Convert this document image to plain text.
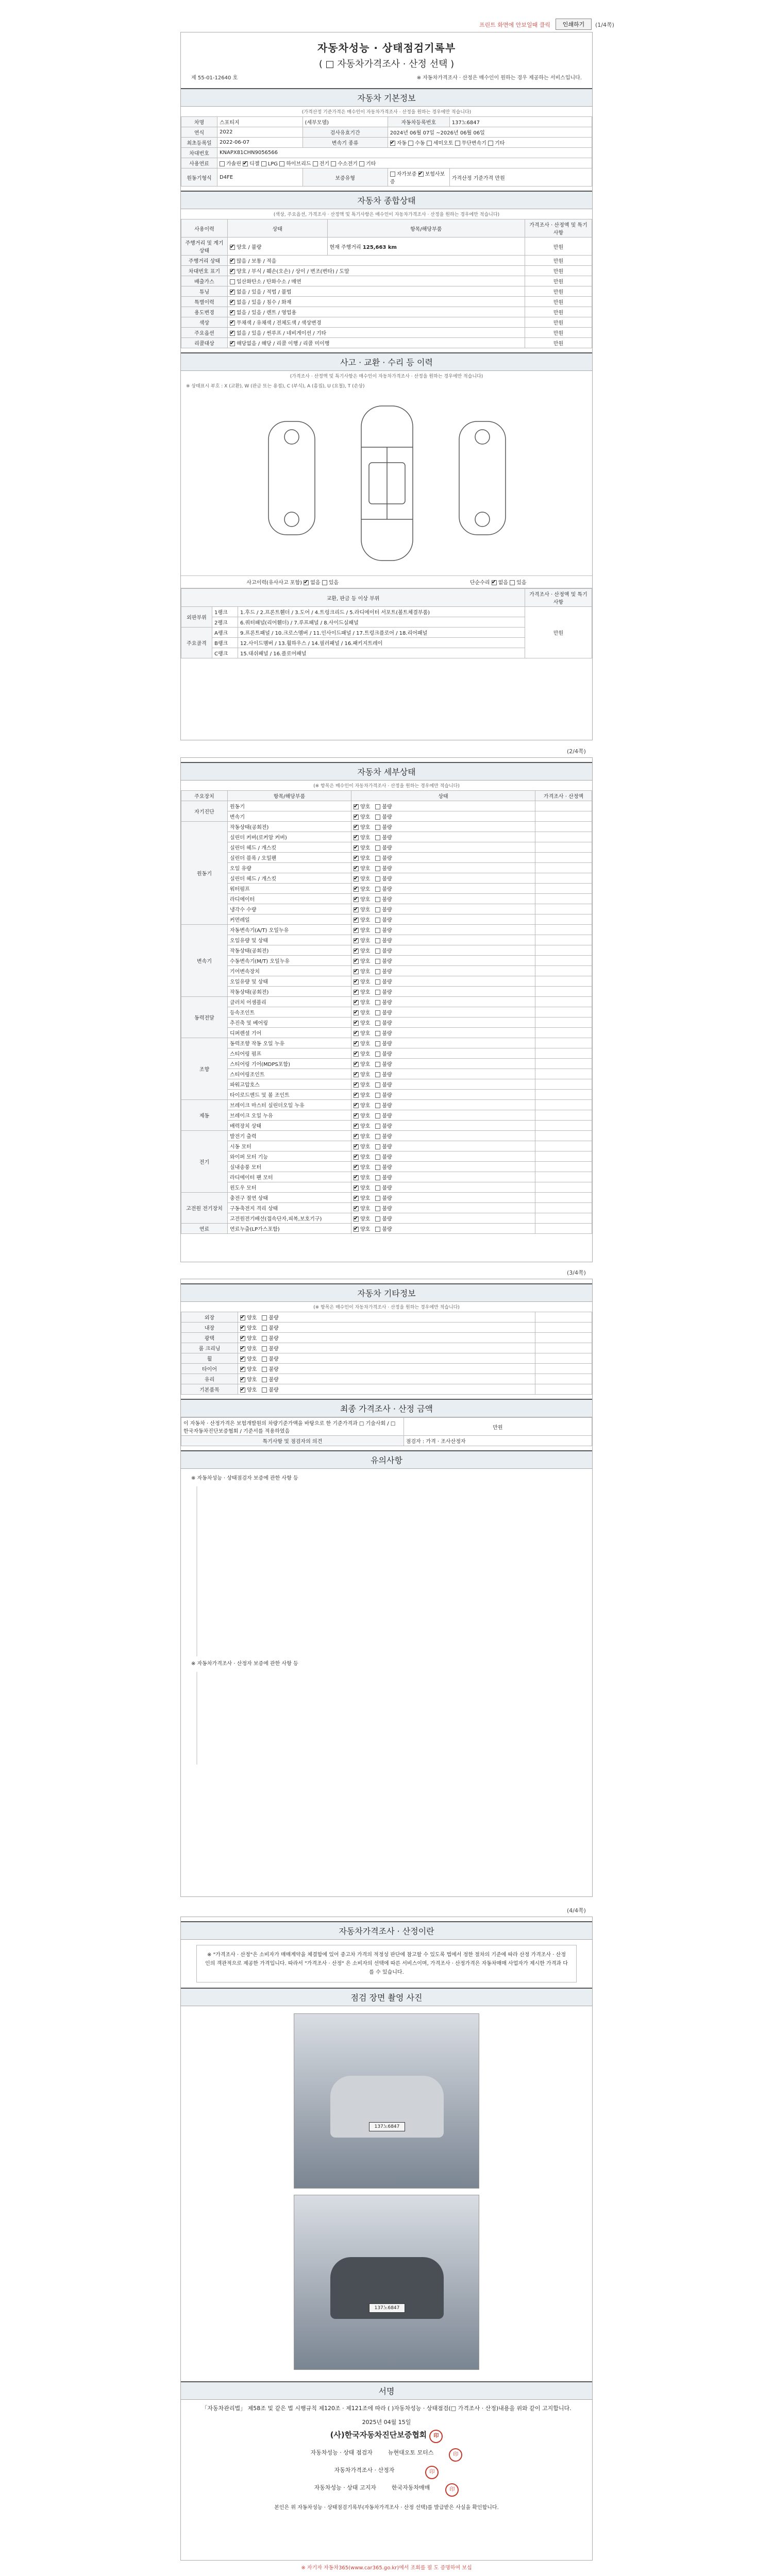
프린트 화면에 안보일때 클릭	인쇄하기	(1/4쪽)
자동차성능 · 상태점검기록부
( □ 자동차가격조사 · 산정 선택 )
제 55-01-12640 호	※ 자동차가격조사 · 산정은 매수인이 원하는 경우 제공하는 서비스입니다.
자동차 기본정보
(가격산정 기준가격은 매수인이 자동차가격조사 · 산정을 원하는 경우에만 적습니다)
차명	스포티지	(세부모델)	자동차등록번호	137노6847
연식	2022	검사유효기간	2024년 06월 07일 ~2026년 06월 06일	
최초등록일	2022-06-07	변속기 종류	✔자동 수동 세미오토 무단변속기 기타
차대번호	KNAPX81CHN9056566			
사용연료	가솔린 ✔ 디젤 LPG 하이브리드 전기 수소전기 기타
원동기형식	D4FE	보증유형	자가보증 ✔ 보험사보증	가격산정 기준가격 만원
자동차 종합상태
(색상, 주요옵션, 가격조사 · 산정액 및 특기사항은 매수인이 자동차가격조사 · 산정을 원하는 경우에만 적습니다)
사용이력	상태	항목/해당부품	가격조사 · 산정액 및 특기사항
주행거리 및 계기상태	✔양호 / 불량	현재 주행거리 125,663 km	만원
주행거리 상태	✔많음 / 보통 / 적음		만원
차대번호 표기	✔양호 / 부식 / 훼손(오손) / 상이 / 변조(변타) / 도말		만원
배출가스	일산화탄소 / 탄화수소 / 매연		만원
튜닝	✔없음 / 있음 / 적법 / 불법		만원
특별이력	✔없음 / 있음 / 침수 / 화재		만원
용도변경	✔없음 / 있음 / 렌트 / 영업용		만원
색상	✔무채색 / 유채색 / 전체도색 / 색상변경		만원
주요옵션	✔없음 / 있음 / 썬루프 / 네비게이션 / 기타		만원
리콜대상	✔해당없음 / 해당 / 리콜 이행 / 리콜 미이행		만원
사고 · 교환 · 수리 등 이력
(가격조사 · 산정액 및 특기사항은 매수인이 자동차가격조사 · 산정을 원하는 경우에만 적습니다)
※ 상태표시 부호 : X (교환), W (판금 또는 용접), C (부식), A (흠집), U (요철), T (손상)
사고이력(유사사고 포함) ✔ 없음 있음	단순수리 ✔ 없음 있음
교환, 판금 등 이상 부위			가격조사 · 산정액 및 특기사항
외판부위	1랭크	1.후드 / 2.프론트휀더 / 3.도어 / 4.트렁크리드 / 5.라디에이터 서포트(볼트체결부품)	만원
	2랭크	6.쿼터패널(리어휀더) / 7.루프패널 / 8.사이드실패널	
주요골격	A랭크	9.프론트패널 / 10.크로스멤버 / 11.인사이드패널 / 17.트렁크플로어 / 18.리어패널	
	B랭크	12.사이드멤버 / 13.휠하우스 / 14.필러패널 / 16.패키지트레이	
	C랭크	15.대쉬패널 / 16.플로어패널	
(2/4쪽)
자동차 세부상태
(※ 항목은 매수인이 자동차가격조사 · 산정을 원하는 경우에만 적습니다)
주요장치	항목/해당부품	상태	가격조사 · 산정액
자기진단	원동기	✔양호 불량	
	변속기	✔양호 불량	
원동기	작동상태(공회전)	✔양호 불량	
	실린더 커버(로커암 커버)	✔양호 불량	
	실린더 헤드 / 개스킷	✔양호 불량	
	실린더 블록 / 오일팬	✔양호 불량	
	오일 유량	✔양호 불량	
	실린더 헤드 / 개스킷	✔양호 불량	
	워터펌프	✔양호 불량	
	라디에이터	✔양호 불량	
	냉각수 수량	✔양호 불량	
	커먼레일	✔양호 불량	
변속기	자동변속기(A/T) 오일누유	✔양호 불량	
	오일유량 및 상태	✔양호 불량	
	작동상태(공회전)	✔양호 불량	
	수동변속기(M/T) 오일누유	✔양호 불량	
	기어변속장치	✔양호 불량	
	오일유량 및 상태	✔양호 불량	
	작동상태(공회전)	✔양호 불량	
동력전달	클러치 어셈블리	✔양호 불량	
	등속조인트	✔양호 불량	
	추진축 및 베어링	✔양호 불량	
	디퍼렌셜 기어	✔양호 불량	
조향	동력조향 작동 오일 누유	✔양호 불량	
	스티어링 펌프	✔양호 불량	
	스티어링 기어(MDPS포함)	✔양호 불량	
	스티어링조인트	✔양호 불량	
	파워고압호스	✔양호 불량	
	타이로드엔드 및 볼 조인트	✔양호 불량	
제동	브레이크 마스터 실린더오일 누유	✔양호 불량	
	브레이크 오일 누유	✔양호 불량	
	배력장치 상태	✔양호 불량	
전기	발전기 출력	✔양호 불량	
	시동 모터	✔양호 불량	
	와이퍼 모터 기능	✔양호 불량	
	실내송풍 모터	✔양호 불량	
	라디에이터 팬 모터	✔양호 불량	
	윈도우 모터	✔양호 불량	
고전원 전기장치	충전구 절연 상태	✔양호 불량	
	구동축전지 격리 상태	✔양호 불량	
	고전원전기배선(접속단자,피복,보호기구)	✔양호 불량	
연료	연료누출(LP가스포함)	✔양호 불량	
(3/4쪽)
자동차 기타정보
(※ 항목은 매수인이 자동차가격조사 · 산정을 원하는 경우에만 적습니다)
외장	✔양호 불량	
내장	✔양호 불량	
광택	✔양호 불량	
룸 크리닝	✔양호 불량	
휠	✔양호 불량	
타이어	✔양호 불량	
유리	✔양호 불량	
기본품목	✔양호 불량	
최종 가격조사 · 산정 금액
이 자동차 · 산정가격은 보험개발원의 차량기준가액을 바탕으로 한 기준가격과 □ 기술사회 / □ 한국자동차진단보증협회 / 기준서를 적용하였음	만원
특기사항 및 점검자의 의견	점검자 : 가격 · 조사산정자
유의사항
※ 자동차성능 · 상태점검자 보증에 관한 사항 등
※ 자동차가격조사 · 산정자 보증에 관한 사항 등
(4/4쪽)
자동차가격조사 · 산정이란
※ "가격조사 · 산정"은 소비자가 매매계약을 체결함에 있어 중고차 가격의 적정성 판단에 참고할 수 있도록 법에서 정한 절차의 기준에 따라 산정 가격조사 · 산정인의 객관적으로 제공한 가격입니다. 따라서 "가격조사 · 산정" 은 소비자의 선택에 따른 서비스이며, 가격조사 · 산정가격은 자동차매매 사업자가 제시한 가격과 다를 수 있습니다.
점검 장면 촬영 사진
137노6847
137노6847
서명
「자동차관리법」 제58조 및 같은 법 시행규칙 제120조 · 제121조에 따라 ( )자동차성능 · 상태점검(□ 가격조사 · 산정)내용을 위와 같이 고지합니다.
2025년 04월 15일
(사)한국자동차진단보증협회 印
자동차성능 · 상태 점검자	뉴현대오토 모터스	印
자동차가격조사 · 산정자	印
자동차성능 · 상태 고지자	한국자동차매매	印
본인은 위 자동차성능 · 상태점검기록부(자동차가격조사 · 산정 선택)를 발급받은 사실을 확인합니다.
※ 자기자 자동차365(www.car365.go.kr)에서 조회를 필 도 증명하여 보십
